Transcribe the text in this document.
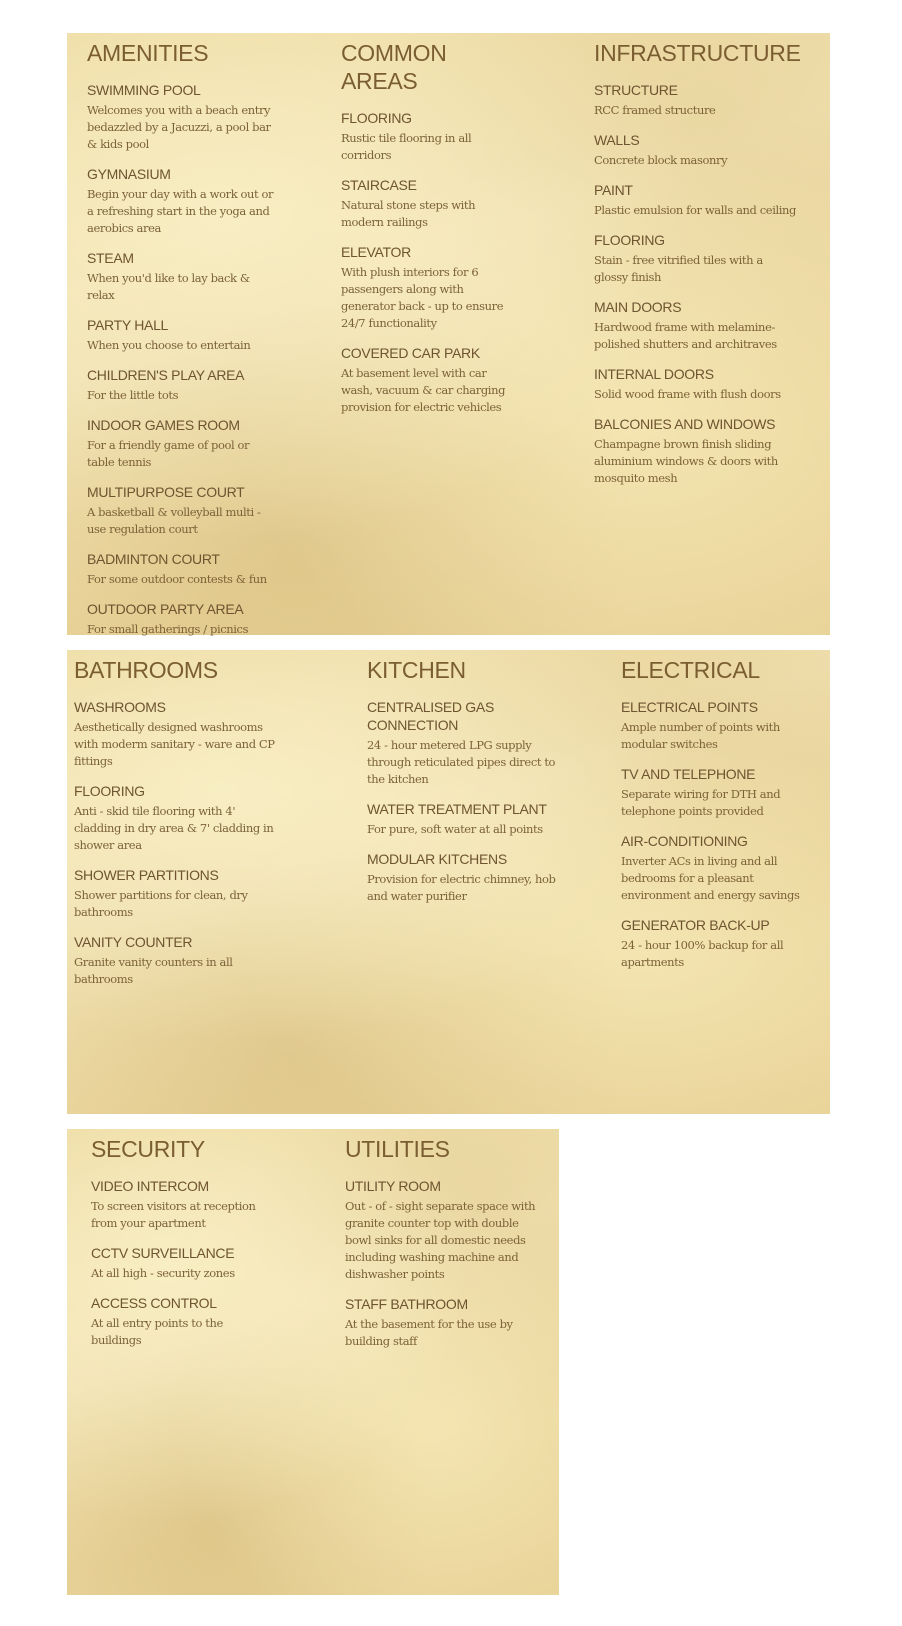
AMENITIES
SWIMMING POOL
Welcomes you with a beach entry bedazzled by a Jacuzzi, a pool bar & kids pool
GYMNASIUM
Begin your day with a work out or a refreshing start in the yoga and aerobics area
STEAM
When you'd like to lay back & relax
PARTY HALL
When you choose to entertain
CHILDREN'S PLAY AREA
For the little tots
INDOOR GAMES ROOM
For a friendly game of pool or table tennis
MULTIPURPOSE COURT
A basketball & volleyball multi - use regulation court
BADMINTON COURT
For some outdoor contests & fun
OUTDOOR PARTY AREA
For small gatherings / picnics
COMMON AREAS
FLOORING
Rustic tile flooring in all corridors
STAIRCASE
Natural stone steps with modern railings
ELEVATOR
With plush interiors for 6 passengers along with generator back - up to ensure 24/7 functionality
COVERED CAR PARK
At basement level with car wash, vacuum & car charging provision for electric vehicles
INFRASTRUCTURE
STRUCTURE
RCC framed structure
WALLS
Concrete block masonry
PAINT
Plastic emulsion for walls and ceiling
FLOORING
Stain - free vitrified tiles with a glossy finish
MAIN DOORS
Hardwood frame with melamine-polished shutters and architraves
INTERNAL DOORS
Solid wood frame with flush doors
BALCONIES AND WINDOWS
Champagne brown finish sliding aluminium windows & doors with mosquito mesh
BATHROOMS
WASHROOMS
Aesthetically designed washrooms with moderm sanitary - ware and CP fittings
FLOORING
Anti - skid tile flooring with 4' cladding in dry area & 7' cladding in shower area
SHOWER PARTITIONS
Shower partitions for clean, dry bathrooms
VANITY COUNTER
Granite vanity counters in all bathrooms
KITCHEN
CENTRALISED GAS CONNECTION
24 - hour metered LPG supply through reticulated pipes direct to the kitchen
WATER TREATMENT PLANT
For pure, soft water at all points
MODULAR KITCHENS
Provision for electric chimney, hob and water purifier
ELECTRICAL
ELECTRICAL POINTS
Ample number of points with modular switches
TV AND TELEPHONE
Separate wiring for DTH and telephone points provided
AIR-CONDITIONING
Inverter ACs in living and all bedrooms for a pleasant environment and energy savings
GENERATOR BACK-UP
24 - hour 100% backup for all apartments
SECURITY
VIDEO INTERCOM
To screen visitors at reception from your apartment
CCTV SURVEILLANCE
At all high - security zones
ACCESS CONTROL
At all entry points to the buildings
UTILITIES
UTILITY ROOM
Out - of - sight separate space with granite counter top with double bowl sinks for all domestic needs including washing machine and dishwasher points
STAFF BATHROOM
At the basement for the use by building staff
